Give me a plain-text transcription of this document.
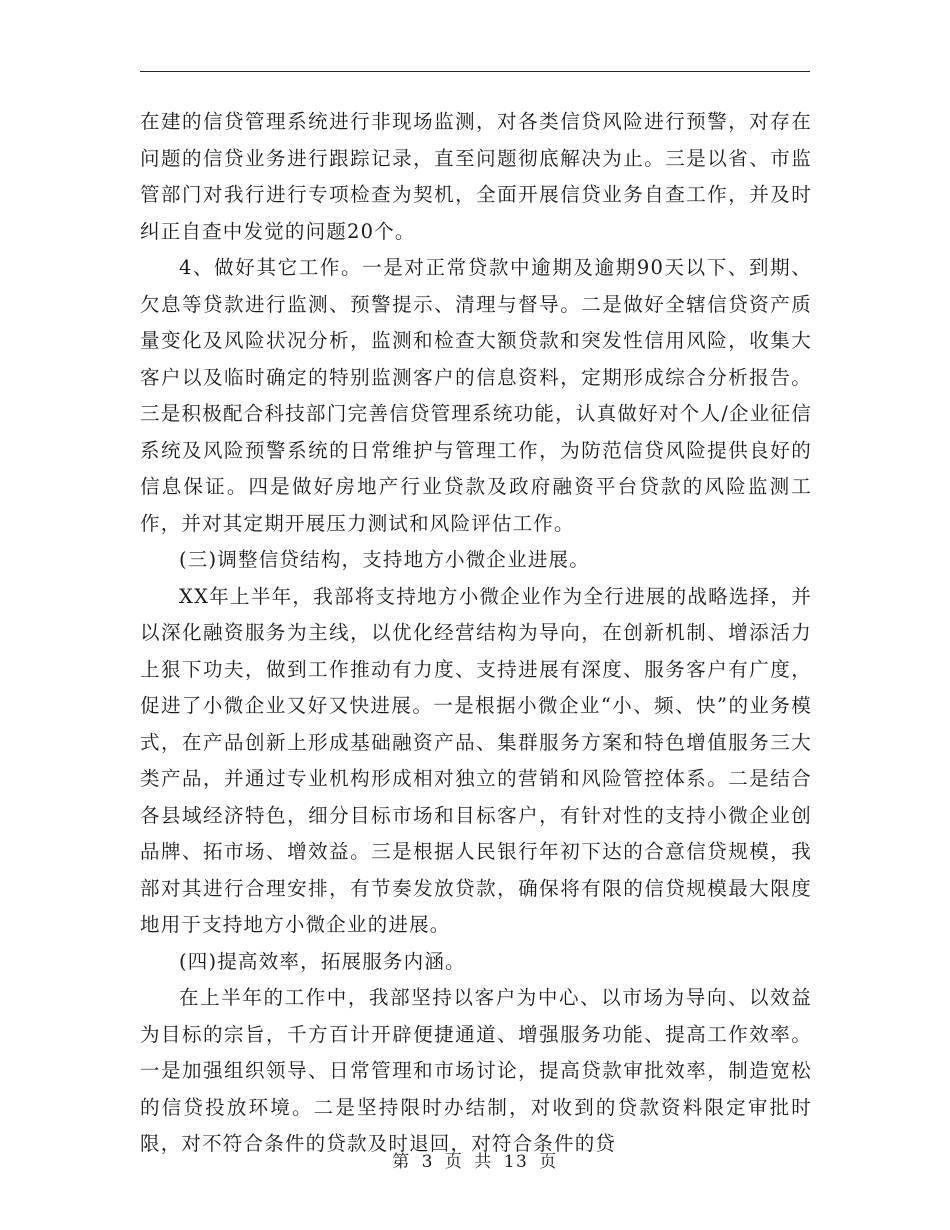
在建的信贷管理系统进行非现场监测，对各类信贷风险进行预警，对存在问题的信贷业务进行跟踪记录，直至问题彻底解决为止。三是以省、市监管部门对我行进行专项检查为契机，全面开展信贷业务自查工作，并及时纠正自查中发觉的问题20个。

4、做好其它工作。一是对正常贷款中逾期及逾期90天以下、到期、欠息等贷款进行监测、预警提示、清理与督导。二是做好全辖信贷资产质量变化及风险状况分析，监测和检查大额贷款和突发性信用风险，收集大客户以及临时确定的特别监测客户的信息资料，定期形成综合分析报告。三是积极配合科技部门完善信贷管理系统功能，认真做好对个人/企业征信系统及风险预警系统的日常维护与管理工作，为防范信贷风险提供良好的信息保证。四是做好房地产行业贷款及政府融资平台贷款的风险监测工作，并对其定期开展压力测试和风险评估工作。

(三)调整信贷结构，支持地方小微企业进展。

XX年上半年，我部将支持地方小微企业作为全行进展的战略选择，并以深化融资服务为主线，以优化经营结构为导向，在创新机制、增添活力上狠下功夫，做到工作推动有力度、支持进展有深度、服务客户有广度，促进了小微企业又好又快进展。一是根据小微企业“小、频、快”的业务模式，在产品创新上形成基础融资产品、集群服务方案和特色增值服务三大类产品，并通过专业机构形成相对独立的营销和风险管控体系。二是结合各县域经济特色，细分目标市场和目标客户，有针对性的支持小微企业创品牌、拓市场、增效益。三是根据人民银行年初下达的合意信贷规模，我部对其进行合理安排，有节奏发放贷款，确保将有限的信贷规模最大限度地用于支持地方小微企业的进展。

(四)提高效率，拓展服务内涵。

在上半年的工作中，我部坚持以客户为中心、以市场为导向、以效益为目标的宗旨，千方百计开辟便捷通道、增强服务功能、提高工作效率。一是加强组织领导、日常管理和市场讨论，提高贷款审批效率，制造宽松的信贷投放环境。二是坚持限时办结制，对收到的贷款资料限定审批时限，对不符合条件的贷款及时退回，对符合条件的贷

第 3 页 共 13 页
